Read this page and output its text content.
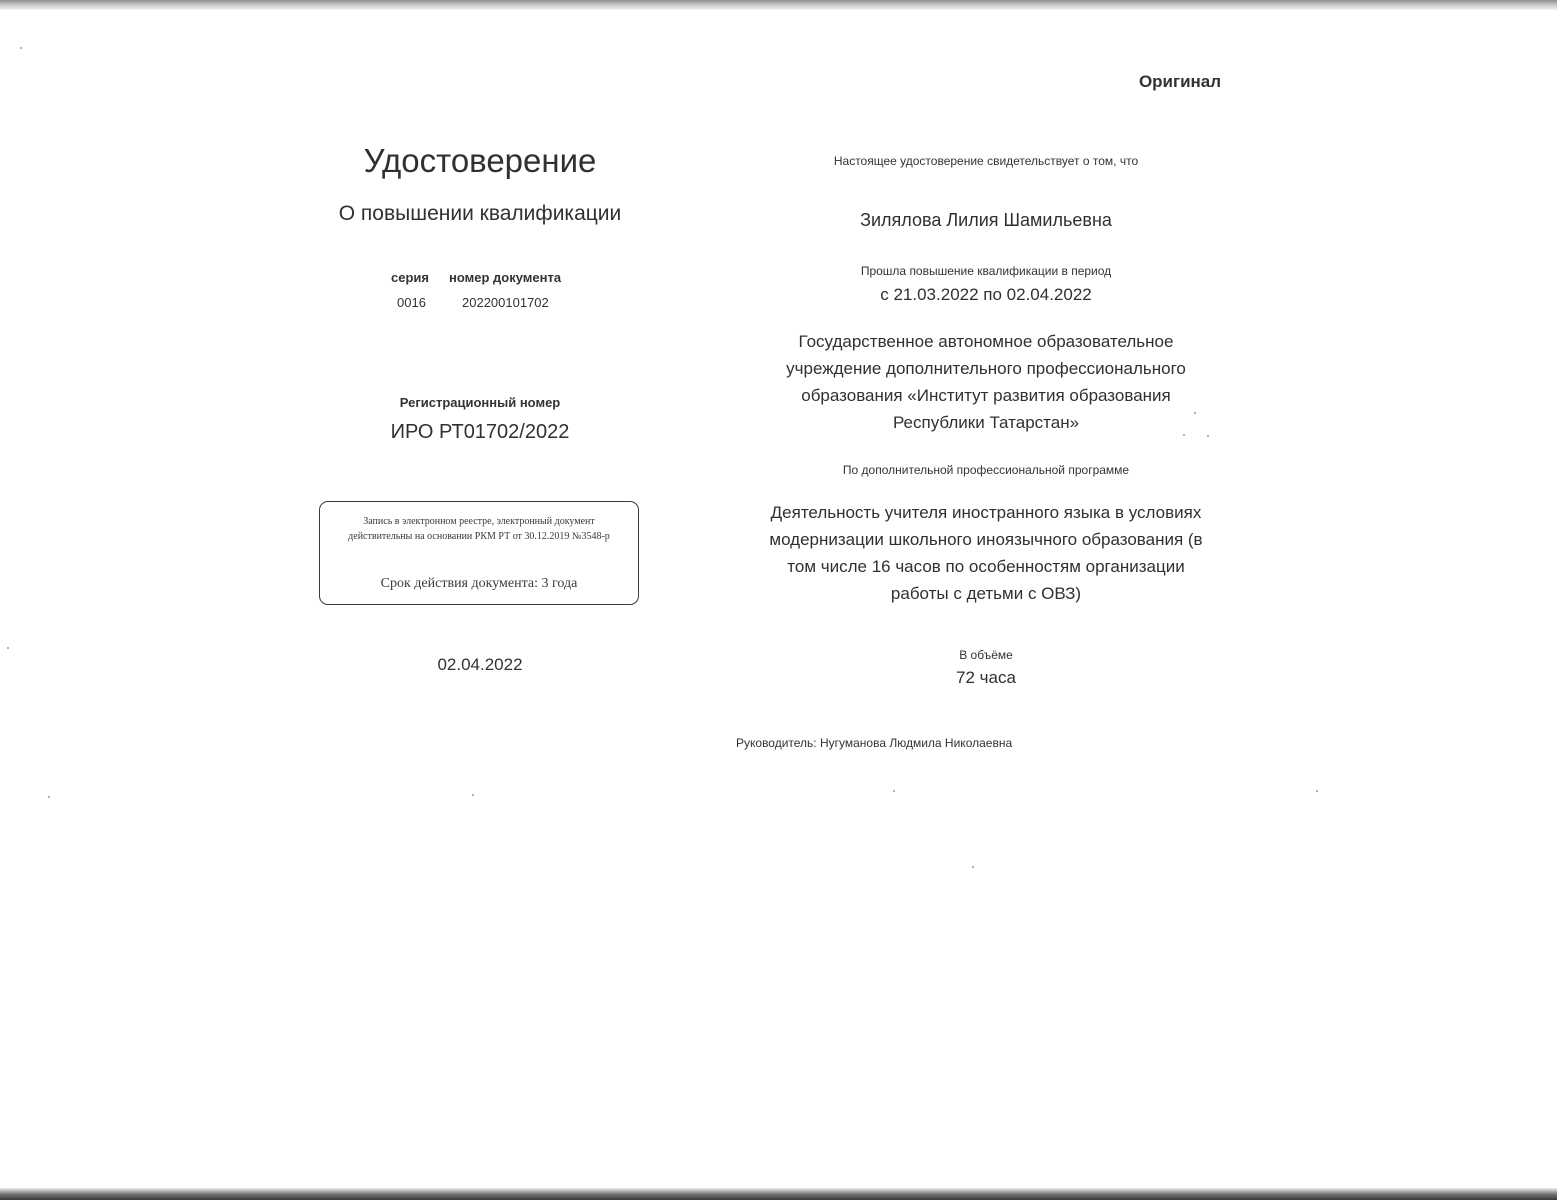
Оригинал
Удостоверение
О повышении квалификации
серия номер документа
0016	202200101702
Регистрационный номер
ИРО РТ01702/2022
Запись в электронном реестре, электронный документ
действительны на основании РКМ РТ от 30.12.2019 №3548-р
Срок действия документа: 3 года
02.04.2022
Настоящее удостоверение свидетельствует о том, что
Зилялова Лилия Шамильевна
Прошла повышение квалификации в период
с 21.03.2022 по 02.04.2022
Государственное автономное образовательное
учреждение дополнительного профессионального
образования «Институт развития образования
Республики Татарстан»
По дополнительной профессиональной программе
Деятельность учителя иностранного языка в условиях
модернизации школьного иноязычного образования (в
том числе 16 часов по особенностям организации
работы с детьми с ОВЗ)
В объёме
72 часа
Руководитель: Нугуманова Людмила Николаевна
